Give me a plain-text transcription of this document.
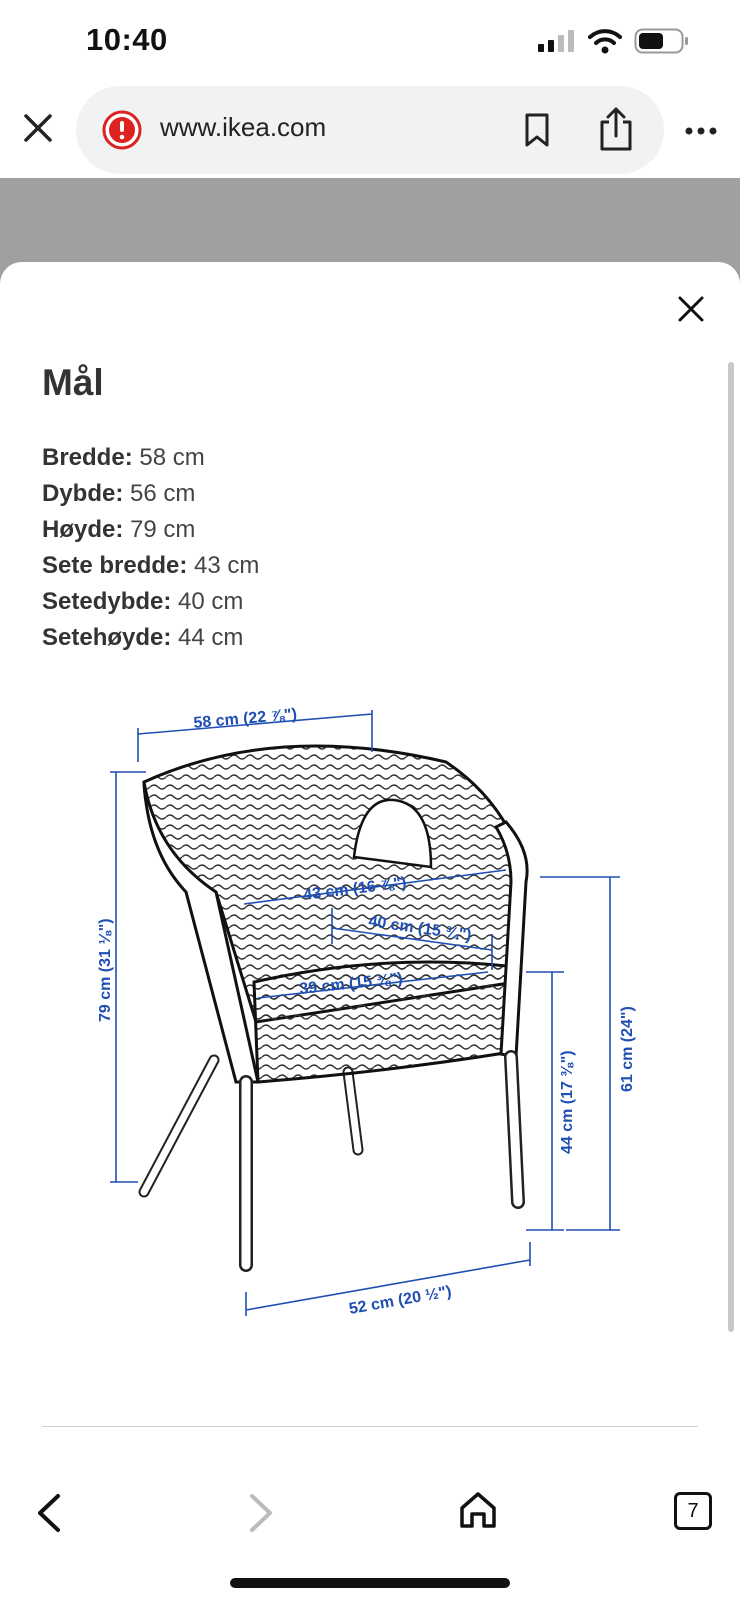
10:40
www.ikea.com
Mål
Bredde: 58 cm
Dybde: 56 cm
Høyde: 79 cm
Sete bredde: 43 cm
Setedybde: 40 cm
Setehøyde: 44 cm
58 cm (22 ⅞")
79 cm (31 ⅛")
43 cm (16 ⅞")
40 cm (15 ¾")
39 cm (15 ⅜")
44 cm (17 ⅜")
61 cm (24")
52 cm (20 ½")
7
